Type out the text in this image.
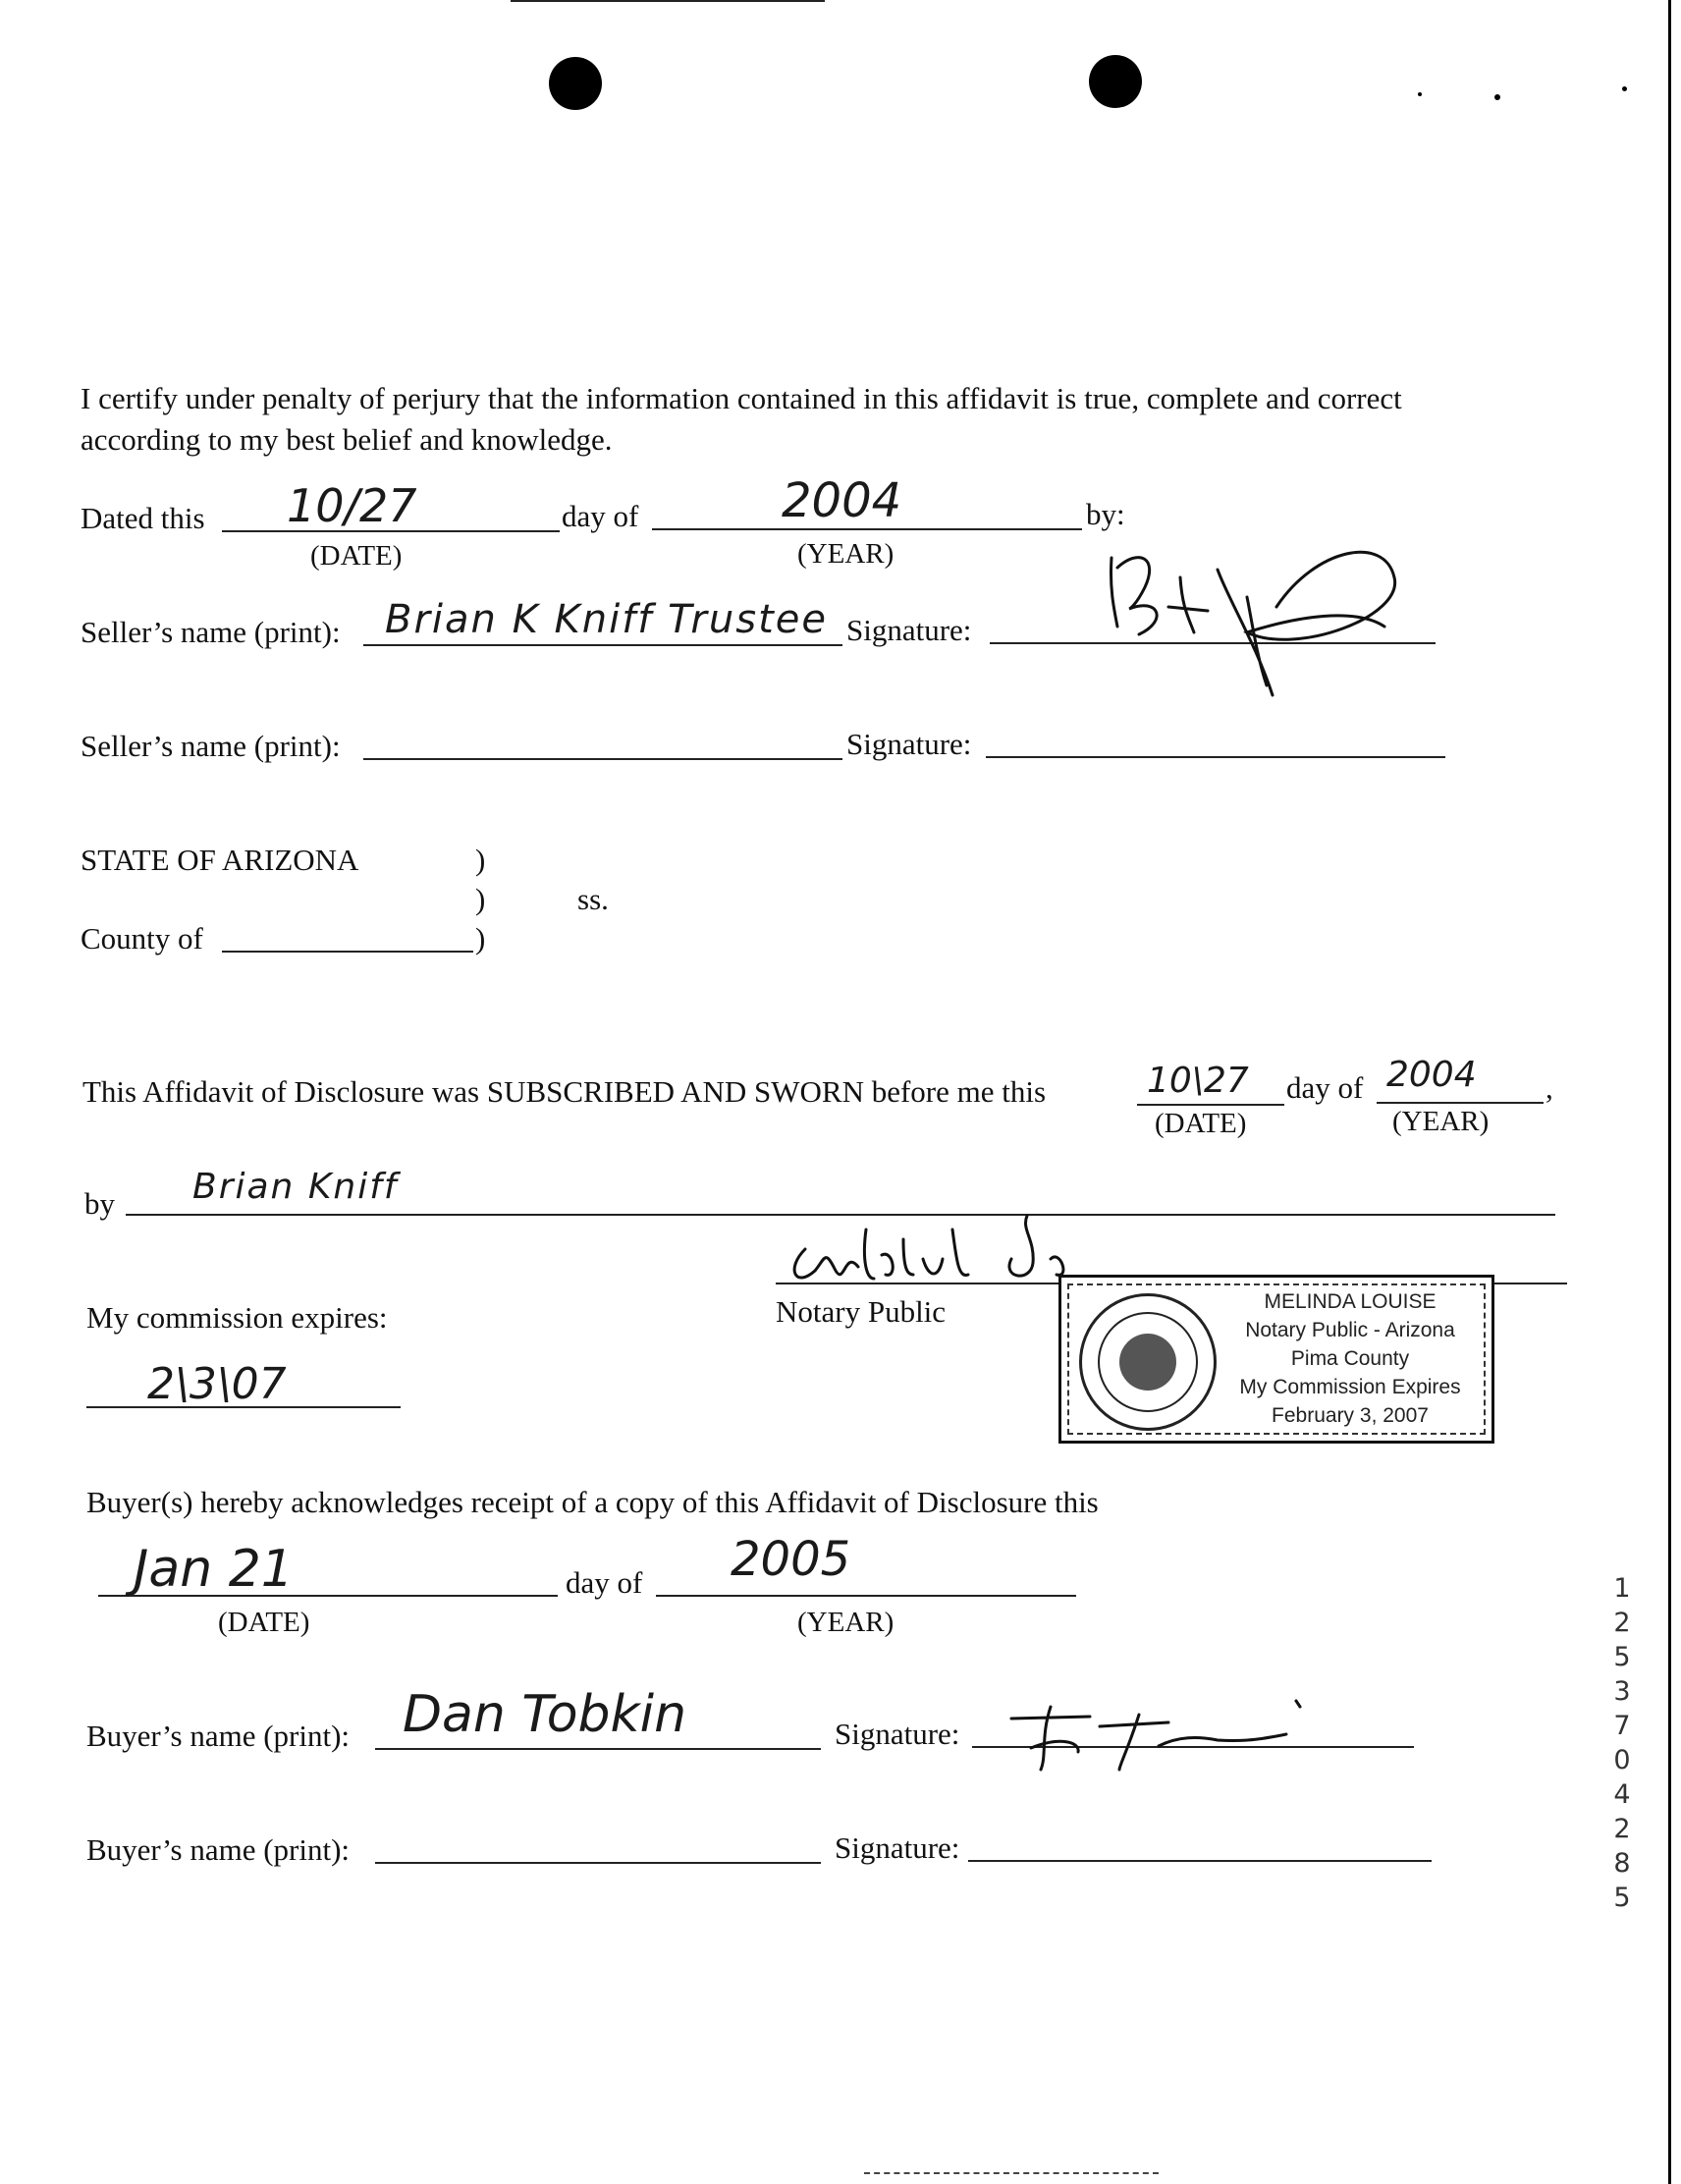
I certify under penalty of perjury that the information contained in this affidavit is true, complete and correct
according to my best belief and knowledge.
Dated this 10/27	day of	2004	by:
(DATE)	(YEAR)
Seller’s name (print): Brian K Kniff Trustee Signature:
Seller’s name (print):	Signature:
STATE OF ARIZONA	)
)	ss.
County of	)
This Affidavit of Disclosure was SUBSCRIBED AND SWORN before me this	10\27 day of 2004 ,
(DATE)	(YEAR)
by Brian Kniff
My commission expires:
2\3\07
Notary Public	MELINDA LOUISE
Notary Public - Arizona
Pima County
My Commission Expires
February 3, 2007
Buyer(s) hereby acknowledges receipt of a copy of this Affidavit of Disclosure this
Jan 21	day of 2005
(DATE)	(YEAR)
Buyer’s name (print): Dan Tobkin	Signature:
Buyer’s name (print):	Signature:
1
2
5
3
7
0
4
2
8
5
